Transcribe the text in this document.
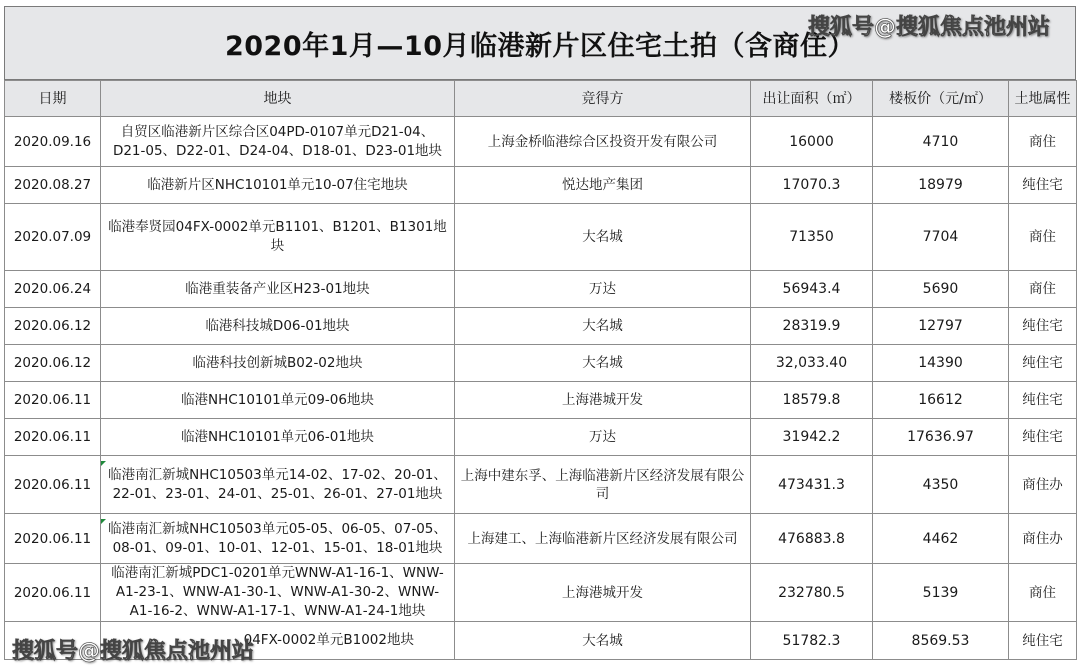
2020年1月—10月临港新片区住宅土拍（含商住）
日期	地块	竞得方	出让面积（㎡）	楼板价（元/㎡）	土地属性
2020.09.16	自贸区临港新片区综合区04PD-0107单元D21-04、D21-05、D22-01、D24-04、D18-01、D23-01地块	上海金桥临港综合区投资开发有限公司	16000	4710	商住
2020.08.27	临港新片区NHC10101单元10-07住宅地块	悦达地产集团	17070.3	18979	纯住宅
2020.07.09	临港奉贤园04FX-0002单元B1101、B1201、B1301地块	大名城	71350	7704	商住
2020.06.24	临港重装备产业区H23-01地块	万达	56943.4	5690	商住
2020.06.12	临港科技城D06-01地块	大名城	28319.9	12797	纯住宅
2020.06.12	临港科技创新城B02-02地块	大名城	32,033.40	14390	纯住宅
2020.06.11	临港NHC10101单元09-06地块	上海港城开发	18579.8	16612	纯住宅
2020.06.11	临港NHC10101单元06-01地块	万达	31942.2	17636.97	纯住宅
2020.06.11	临港南汇新城NHC10503单元14-02、17-02、20-01、22-01、23-01、24-01、25-01、26-01、27-01地块	上海中建东孚、上海临港新片区经济发展有限公司	473431.3	4350	商住办
2020.06.11	临港南汇新城NHC10503单元05-05、06-05、07-05、08-01、09-01、10-01、12-01、15-01、18-01地块	上海建工、上海临港新片区经济发展有限公司	476883.8	4462	商住办
2020.06.11	临港南汇新城PDC1-0201单元WNW-A1-16-1、WNW-A1-23-1、WNW-A1-30-1、WNW-A1-30-2、WNW-A1-16-2、WNW-A1-17-1、WNW-A1-24-1地块	上海港城开发	232780.5	5139	商住
	04FX-0002单元B1002地块	大名城	51782.3	8569.53	纯住宅
搜狐号@搜狐焦点池州站
搜狐号@搜狐焦点池州站
